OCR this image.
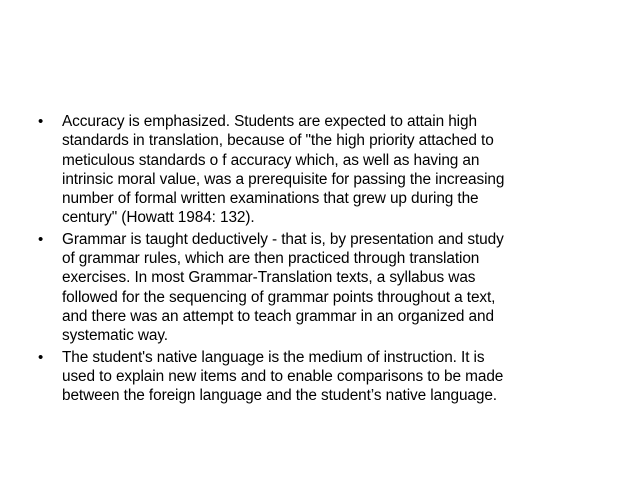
•	Accuracy is emphasized. Students are expected to attain high
standards in translation, because of "the high priority attached to
meticulous standards o f accuracy which, as well as having an
intrinsic moral value, was a prerequisite for passing the increasing
number of formal written examinations that grew up during the
century" (Howatt 1984: 132).
•	Grammar is taught deductively - that is, by presentation and study
of grammar rules, which are then practiced through translation
exercises. In most Grammar-Translation texts, a syllabus was
followed for the sequencing of grammar points throughout a text,
and there was an attempt to teach grammar in an organized and
systematic way.
•	The student's native language is the medium of instruction. It is
used to explain new items and to enable comparisons to be made
between the foreign language and the student’s native language.
